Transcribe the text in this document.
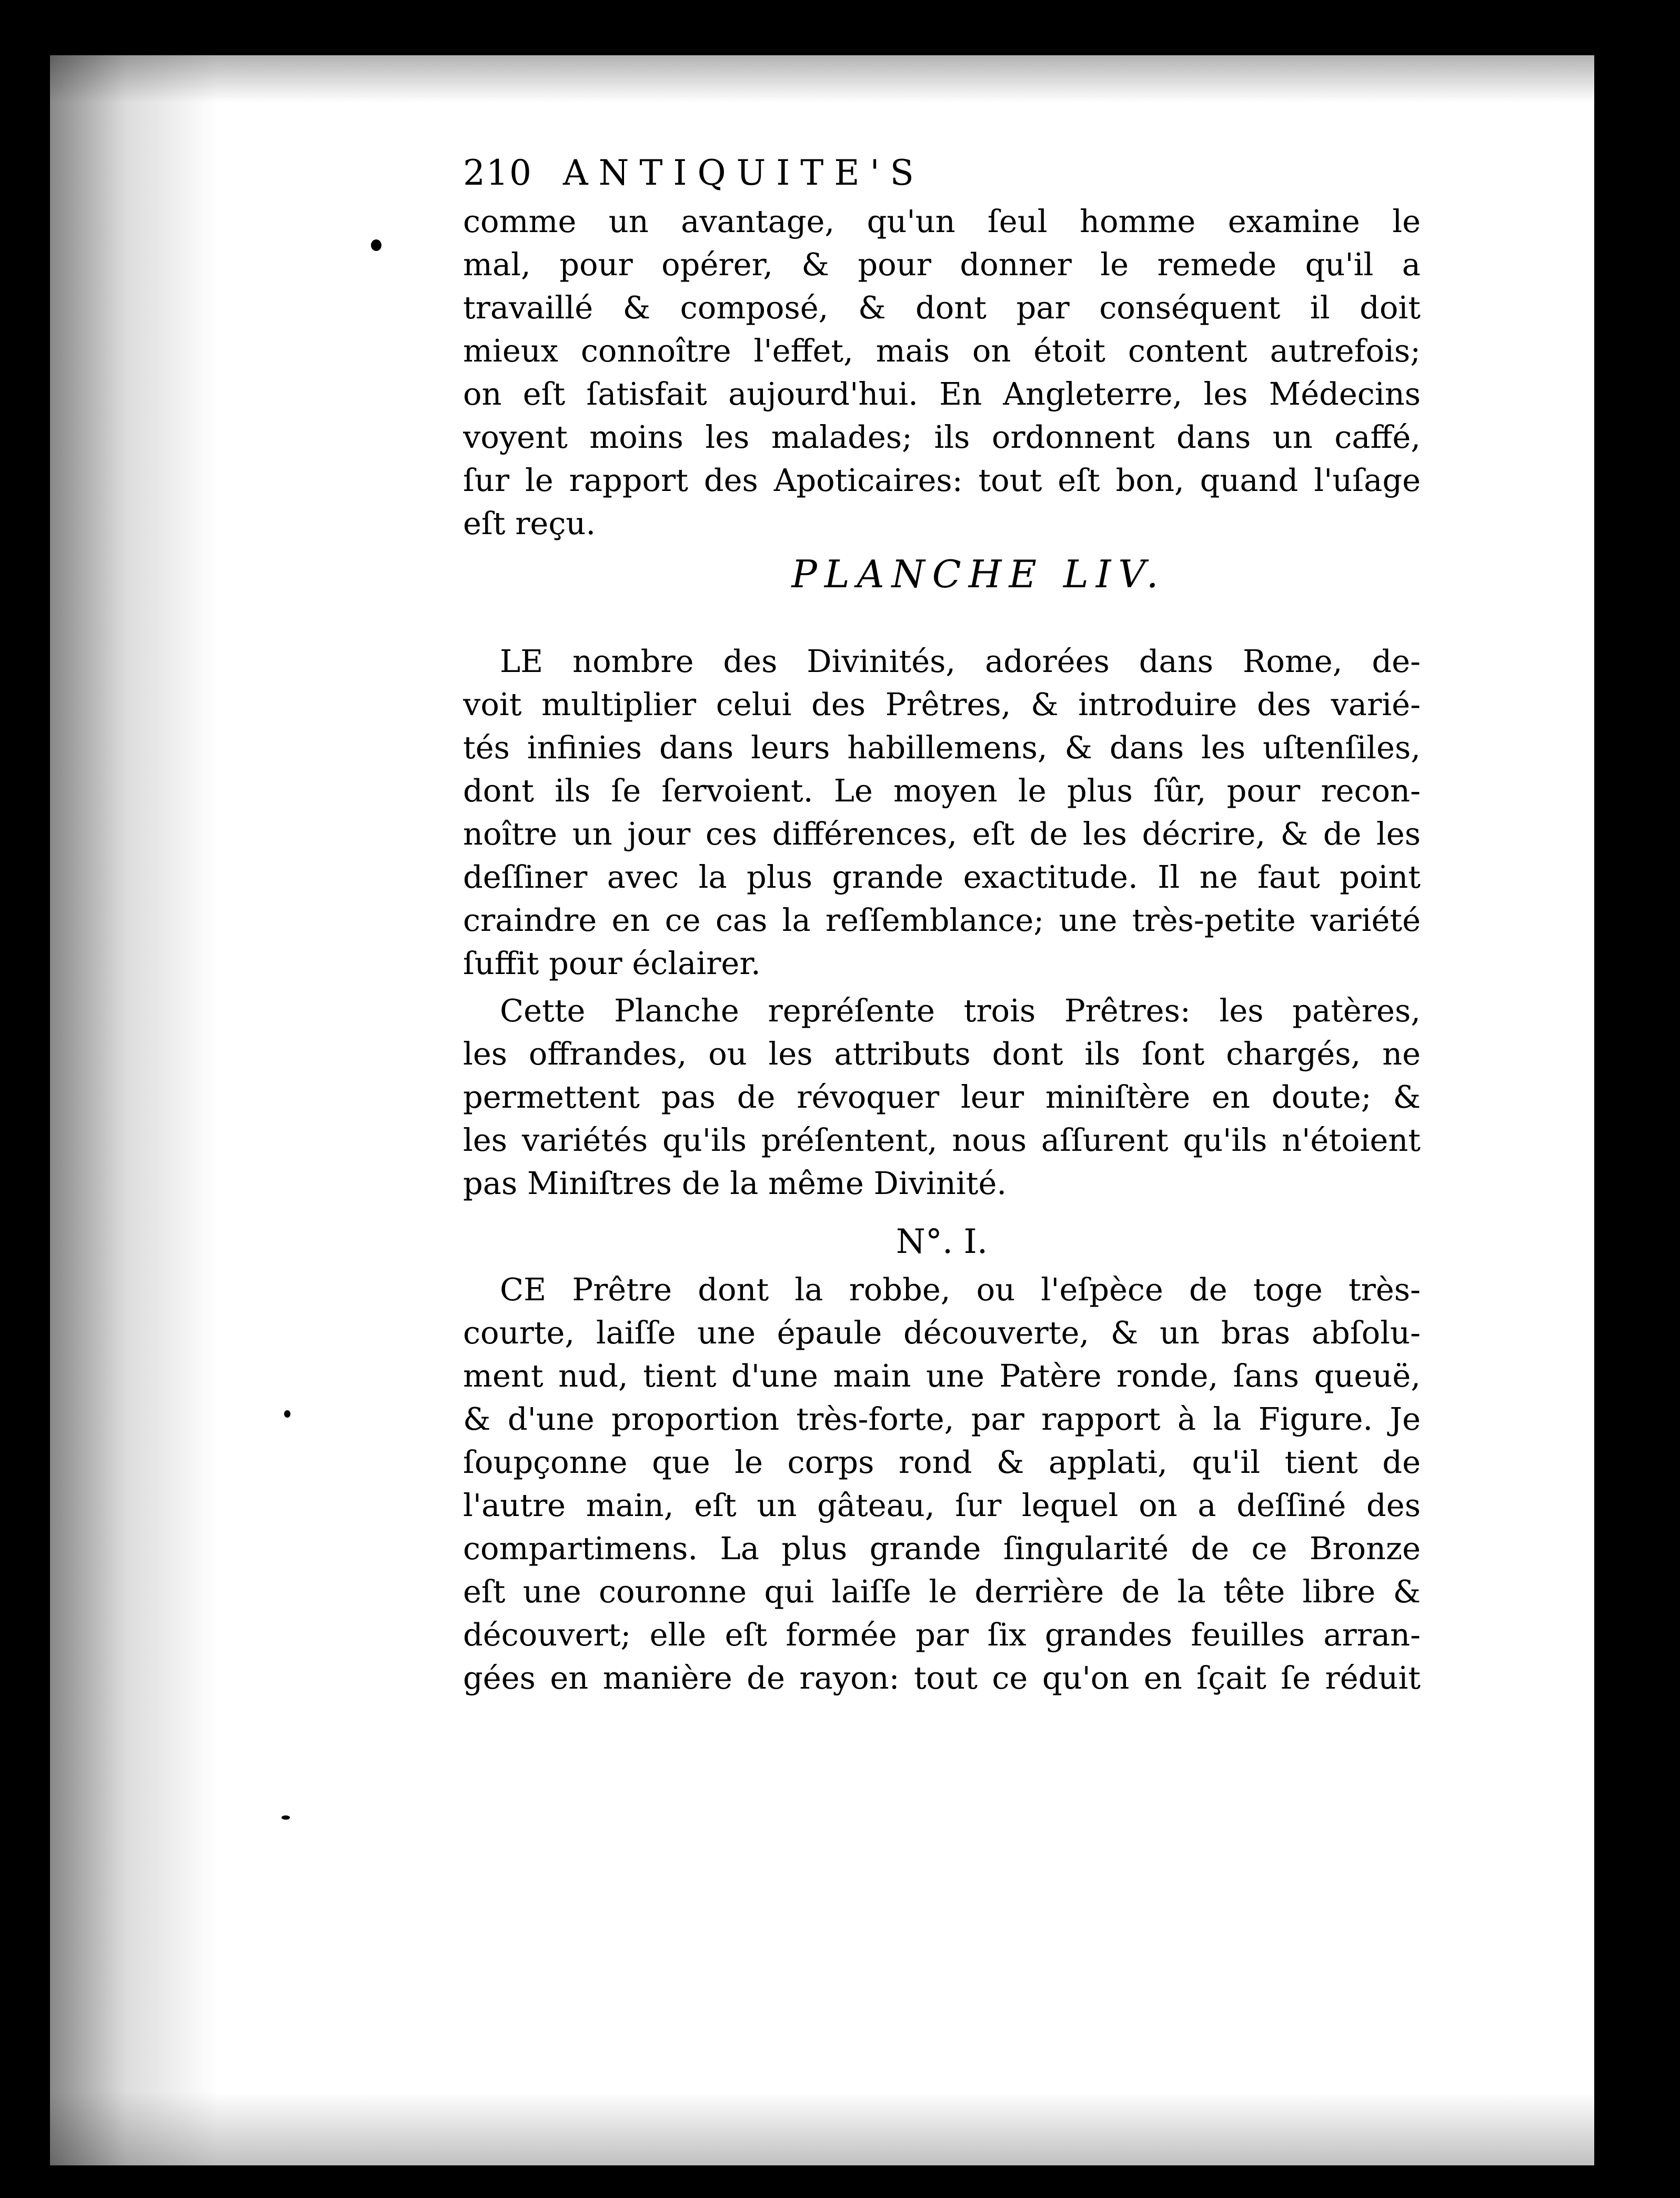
210 ANTIQUITE'S
comme un avantage, qu'un ſeul homme examine le
mal, pour opérer, & pour donner le remede qu'il a
travaillé & composé, & dont par conséquent il doit
mieux connoître l'effet, mais on étoit content autrefois;
on eſt ſatisfait aujourd'hui. En Angleterre, les Médecins
voyent moins les malades; ils ordonnent dans un caffé,
ſur le rapport des Apoticaires: tout eſt bon, quand l'uſage
eſt reçu.
PLANCHE LIV.
LE nombre des Divinités, adorées dans Rome, de-
voit multiplier celui des Prêtres, & introduire des varié-
tés infinies dans leurs habillemens, & dans les uſtenſiles,
dont ils ſe ſervoient. Le moyen le plus ſûr, pour recon-
noître un jour ces différences, eſt de les décrire, & de les
deſſiner avec la plus grande exactitude. Il ne faut point
craindre en ce cas la reſſemblance; une très-petite variété
ſuffit pour éclairer.
Cette Planche repréſente trois Prêtres: les patères,
les offrandes, ou les attributs dont ils ſont chargés, ne
permettent pas de révoquer leur miniſtère en doute; &
les variétés qu'ils préſentent, nous aſſurent qu'ils n'étoient
pas Miniſtres de la même Divinité.
N°. I.
CE Prêtre dont la robbe, ou l'eſpèce de toge très-
courte, laiſſe une épaule découverte, & un bras abſolu-
ment nud, tient d'une main une Patère ronde, ſans queuë,
& d'une proportion très-forte, par rapport à la Figure. Je
ſoupçonne que le corps rond & applati, qu'il tient de
l'autre main, eſt un gâteau, ſur lequel on a deſſiné des
compartimens. La plus grande ſingularité de ce Bronze
eſt une couronne qui laiſſe le derrière de la tête libre &
découvert; elle eſt formée par ſix grandes feuilles arran-
gées en manière de rayon: tout ce qu'on en ſçait ſe réduit
